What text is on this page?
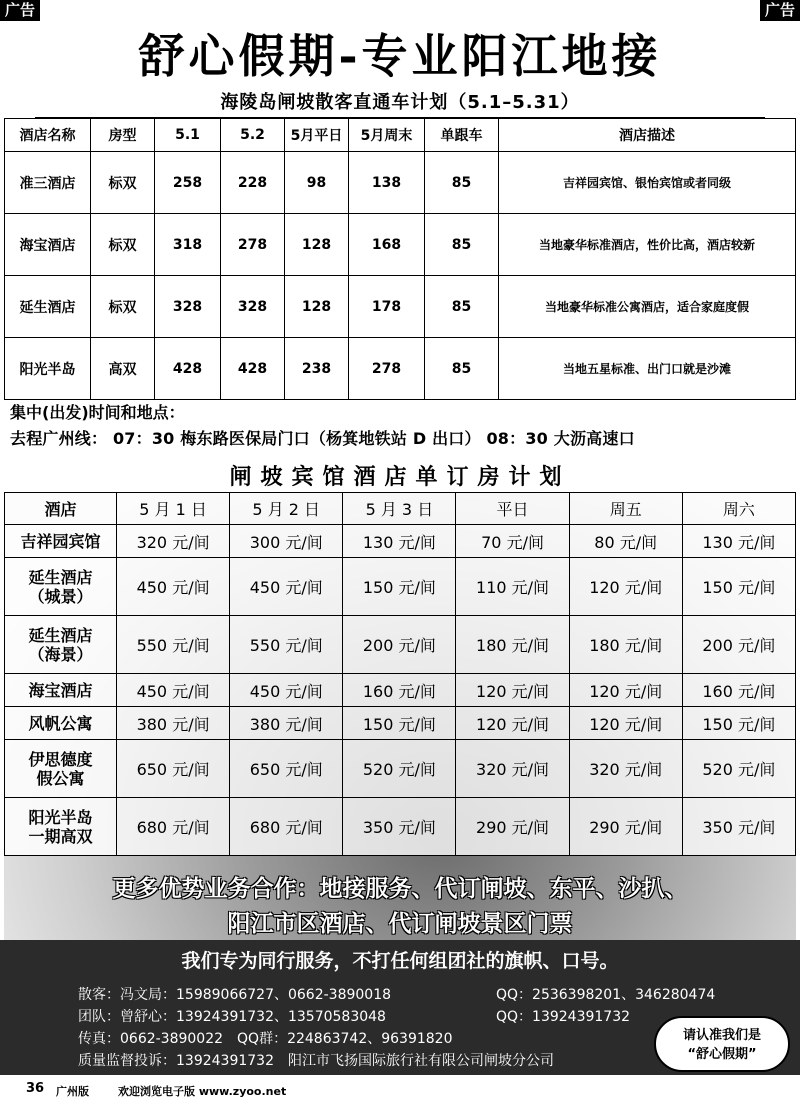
广告	广告
舒心假期-专业阳江地接
海陵岛闸坡散客直通车计划（5.1–5.31）
酒店名称	房型	5.1	5.2	5月平日	5月周末	单跟车	酒店描述
准三酒店	标双	258	228	98	138	85	吉祥园宾馆、银怡宾馆或者同级
海宝酒店	标双	318	278	128	168	85	当地豪华标准酒店，性价比高，酒店较新
延生酒店	标双	328	328	128	178	85	当地豪华标准公寓酒店，适合家庭度假
阳光半岛	高双	428	428	238	278	85	当地五星标准、出门口就是沙滩
集中(出发)时间和地点：
去程广州线： 07：30 梅东路医保局门口（杨箕地铁站 D 出口） 08：30 大沥高速口
闸坡宾馆酒店单订房计划
酒店	5 月 1 日	5 月 2 日	5 月 3 日	平日	周五	周六

吉祥园宾馆	320 元/间	300 元/间	130 元/间	70 元/间	80 元/间	130 元/间

延生酒店
（城景）	450 元/间	450 元/间	150 元/间	110 元/间	120 元/间	150 元/间

延生酒店
（海景）	550 元/间	550 元/间	200 元/间	180 元/间	180 元/间	200 元/间

海宝酒店	450 元/间	450 元/间	160 元/间	120 元/间	120 元/间	160 元/间

风帆公寓	380 元/间	380 元/间	150 元/间	120 元/间	120 元/间	150 元/间

伊思德度
假公寓	650 元/间	650 元/间	520 元/间	320 元/间	320 元/间	520 元/间

阳光半岛
一期高双	680 元/间	680 元/间	350 元/间	290 元/间	290 元/间	350 元/间
更多优势业务合作：地接服务、代订闸坡、东平、沙扒、
阳江市区酒店、代订闸坡景区门票
我们专为同行服务，不打任何组团社的旗帜、口号。
散客：冯文局：15989066727、0662-3890018	QQ：2536398201、346280474
团队：曾舒心：13924391732、13570583048	QQ：13924391732
传真：0662-3890022　QQ群：224863742、96391820
质量监督投诉：13924391732　阳江市飞扬国际旅行社有限公司闸坡分公司
请认准我们是
“舒心假期”
36 广州版	欢迎浏览电子版 www.zyoo.net
